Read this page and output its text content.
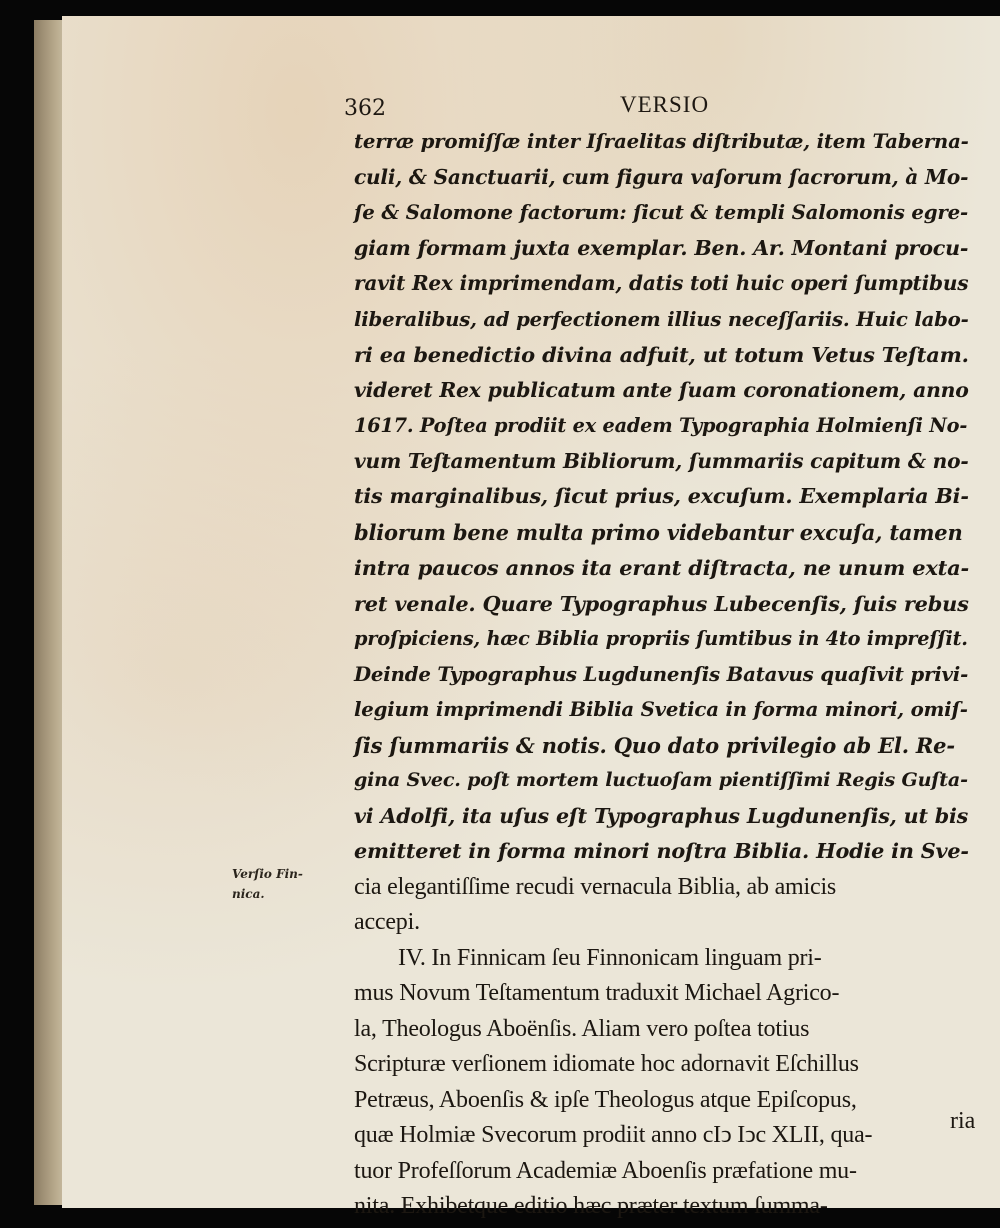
362	VERSIO
Verſio Fin-
nica.
terræ promiſſæ inter Iſraelitas diſtributæ, item Taberna-
culi, & Sanctuarii, cum figura vaſorum ſacrorum, à Mo-
ſe & Salomone factorum: ſicut & templi Salomonis egre-
giam formam juxta exemplar. Ben. Ar. Montani procu-
ravit Rex imprimendam, datis toti huic operi ſumptibus
liberalibus, ad perfectionem illius neceſſariis. Huic labo-
ri ea benedictio divina adfuit, ut totum Vetus Teſtam.
videret Rex publicatum ante ſuam coronationem, anno
1617. Poſtea prodiit ex eadem Typographia Holmienſi No-
vum Teſtamentum Bibliorum, ſummariis capitum & no-
tis marginalibus, ſicut prius, excuſum. Exemplaria Bi-
bliorum bene multa primo videbantur excuſa, tamen
intra paucos annos ita erant diſtracta, ne unum exta-
ret venale. Quare Typographus Lubecenſis, ſuis rebus
proſpiciens, hæc Biblia propriis ſumtibus in 4to impreſſit.
Deinde Typographus Lugdunenſis Batavus quaſivit privi-
legium imprimendi Biblia Svetica in forma minori, omiſ-
ſis ſummariis & notis. Quo dato privilegio ab El. Re-
gina Svec. poſt mortem luctuoſam pientiſſimi Regis Guſta-
vi Adolfi, ita uſus eſt Typographus Lugdunenſis, ut bis
emitteret in forma minori noſtra Biblia. Hodie in Sve-
cia elegantiſſime recudi vernacula Biblia, ab amicis
accepi.
IV. In Finnicam ſeu Finnonicam linguam pri-
mus Novum Teſtamentum traduxit Michael Agrico-
la, Theologus Aboënſis. Aliam vero poſtea totius
Scripturæ verſionem idiomate hoc adornavit Eſchillus
Petræus, Aboenſis & ipſe Theologus atque Epiſcopus,
quæ Holmiæ Svecorum prodiit anno cIↄ Iↄc XLII, qua-
tuor Profeſſorum Academiæ Aboenſis præfatione mu-
nita. Exhibetque editio hæc præter textum ſumma-
ria
